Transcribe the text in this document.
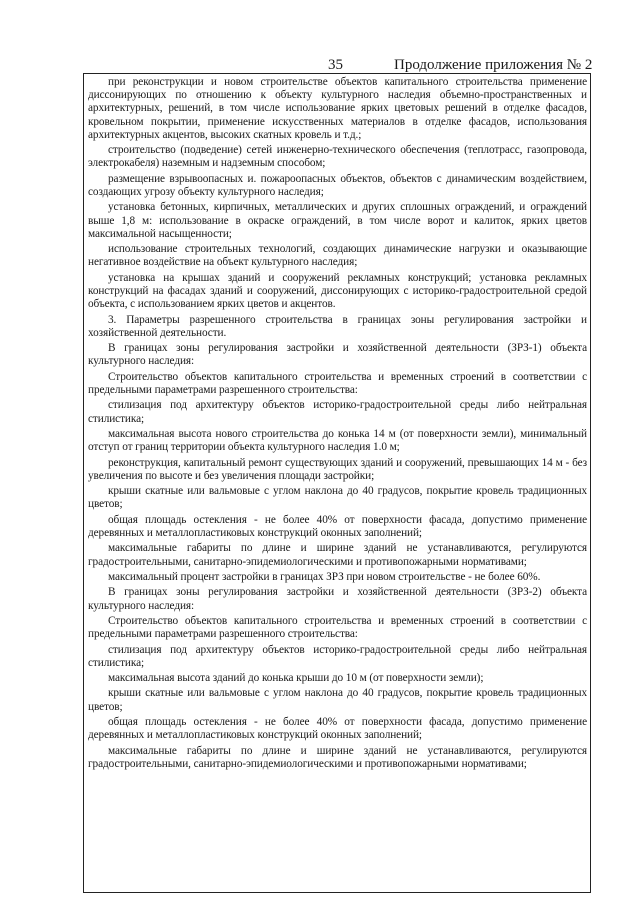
35	Продолжение приложения № 2

при реконструкции и новом строительстве объектов капитального строительства применение диссонирующих по отношению к объекту культурного наследия объемно-пространственных и архитектурных, решений, в том числе использование ярких цветовых решений в отделке фасадов, кровельном покрытии, применение искусственных материалов в отделке фасадов, использования архитектурных акцентов, высоких скатных кровель и т.д.;

строительство (подведение) сетей инженерно-технического обеспечения (теплотрасс, газопровода, электрокабеля) наземным и надземным способом;

размещение взрывоопасных и. пожароопасных объектов, объектов с динамическим воздействием, создающих угрозу объекту культурного наследия;

установка бетонных, кирпичных, металлических и других сплошных ограждений, и ограждений выше 1,8 м: использование в окраске ограждений, в том числе ворот и калиток, ярких цветов максимальной насыщенности;

использование строительных технологий, создающих динамические нагрузки и оказывающие негативное воздействие на объект культурного наследия;

установка на крышах зданий и сооружений рекламных конструкций; установка рекламных конструкций на фасадах зданий и сооружений, диссонирующих с историко-градостроительной средой объекта, с использованием ярких цветов и акцентов.

3. Параметры разрешенного строительства в границах зоны регулирования застройки и хозяйственной деятельности.

В границах зоны регулирования застройки и хозяйственной деятельности (ЗРЗ-1) объекта культурного наследия:

Строительство объектов капитального строительства и временных строений в соответствии с предельными параметрами разрешенного строительства:

стилизация под архитектуру объектов историко-градостроительной среды либо нейтральная стилистика;

максимальная высота нового строительства до конька 14 м (от поверхности земли), минимальный отступ от границ территории объекта культурного наследия 1.0 м;

реконструкция, капитальный ремонт существующих зданий и сооружений, превышающих 14 м - без увеличения по высоте и без увеличения площади застройки;

крыши скатные или вальмовые с углом наклона до 40 градусов, покрытие кровель традиционных цветов;

общая площадь остекления - не более 40% от поверхности фасада, допустимо применение деревянных и металлопластиковых конструкций оконных заполнений;

максимальные габариты по длине и ширине зданий не устанавливаются, регулируются градостроительными, санитарно-эпидемиологическими и противопожарными нормативами;

максимальный процент застройки в границах ЗРЗ при новом строительстве - не более 60%.

В границах зоны регулирования застройки и хозяйственной деятельности (ЗРЗ-2) объекта культурного наследия:

Строительство объектов капитального строительства и временных строений в соответствии с предельными параметрами разрешенного строительства:

стилизация под архитектуру объектов историко-градостроительной среды либо нейтральная стилистика;

максимальная высота зданий до конька крыши до 10 м (от поверхности земли);

крыши скатные или вальмовые с углом наклона до 40 градусов, покрытие кровель традиционных цветов;

общая площадь остекления - не более 40% от поверхности фасада, допустимо применение деревянных и металлопластиковых конструкций оконных заполнений;

максимальные габариты по длине и ширине зданий не устанавливаются, регулируются градостроительными, санитарно-эпидемиологическими и противопожарными нормативами;
